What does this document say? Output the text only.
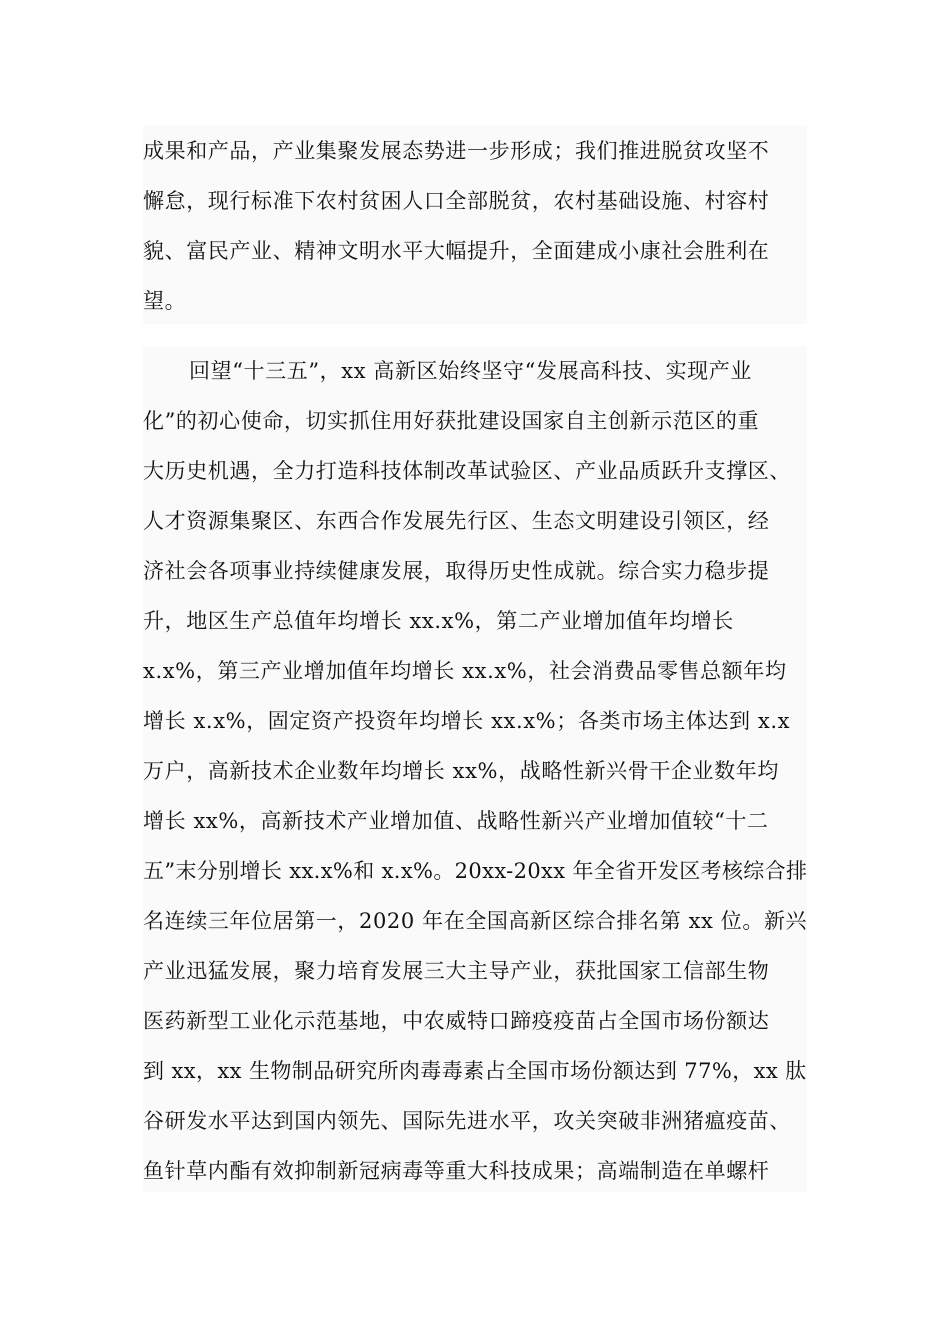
成果和产品，产业集聚发展态势进一步形成；我们推进脱贫攻坚不
懈怠，现行标准下农村贫困人口全部脱贫，农村基础设施、村容村
貌、富民产业、精神文明水平大幅提升，全面建成小康社会胜利在
望。
回望“十三五”，xx 高新区始终坚守“发展高科技、实现产业
化”的初心使命，切实抓住用好获批建设国家自主创新示范区的重
大历史机遇，全力打造科技体制改革试验区、产业品质跃升支撑区、
人才资源集聚区、东西合作发展先行区、生态文明建设引领区，经
济社会各项事业持续健康发展，取得历史性成就。综合实力稳步提
升，地区生产总值年均增长 xx.x%，第二产业增加值年均增长
x.x%，第三产业增加值年均增长 xx.x%，社会消费品零售总额年均
增长 x.x%，固定资产投资年均增长 xx.x%；各类市场主体达到 x.x
万户，高新技术企业数年均增长 xx%，战略性新兴骨干企业数年均
增长 xx%，高新技术产业增加值、战略性新兴产业增加值较“十二
五”末分别增长 xx.x%和 x.x%。20xx-20xx 年全省开发区考核综合排
名连续三年位居第一，2020 年在全国高新区综合排名第 xx 位。新兴
产业迅猛发展，聚力培育发展三大主导产业，获批国家工信部生物
医药新型工业化示范基地，中农威特口蹄疫疫苗占全国市场份额达
到 xx，xx 生物制品研究所肉毒毒素占全国市场份额达到 77%，xx 肽
谷研发水平达到国内领先、国际先进水平，攻关突破非洲猪瘟疫苗、
鱼针草内酯有效抑制新冠病毒等重大科技成果；高端制造在单螺杆
